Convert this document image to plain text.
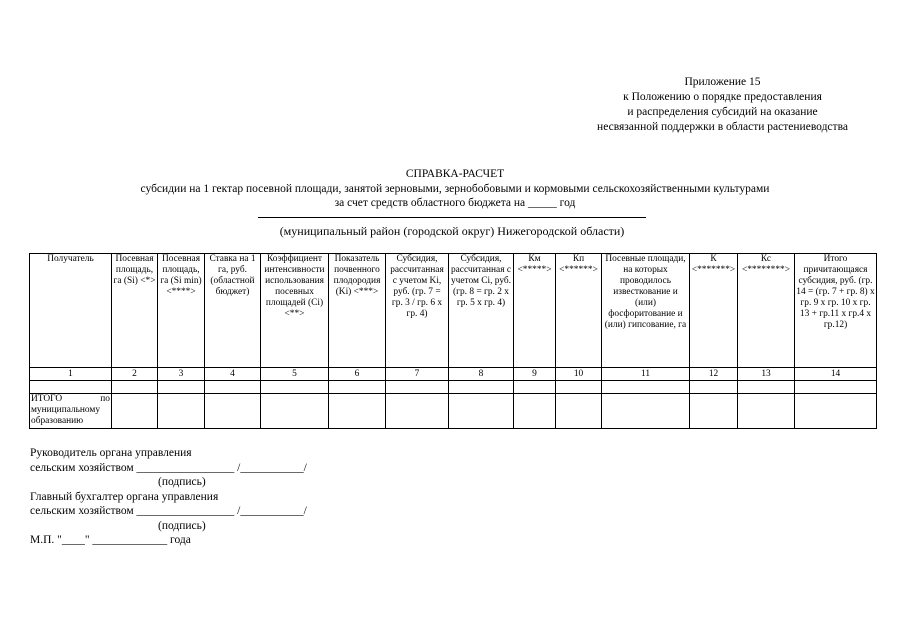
Приложение 15
к Положению о порядке предоставления
и распределения субсидий на оказание
несвязанной поддержки в области растениеводства
СПРАВКА-РАСЧЕТ
субсидии на 1 гектар посевной площади, занятой зерновыми, зернобобовыми и кормовыми сельскохозяйственными культурами
за счет средств областного бюджета на _____ год
(муниципальный район (городской округ) Нижегородской области)
Получатель	Посевная площадь, га (Si) <*>	Посевная площадь, га (Si min) <****>	Ставка на 1 га, руб. (областной бюджет)	Коэффициент интенсивности использования посевных площадей (Ci) <**>	Показатель почвенного плодородия (Ki) <***>	Субсидия, рассчитанная с учетом Ki, руб. (гр. 7 = гр. 3 / гр. 6 x гр. 4)	Субсидия, рассчитанная с учетом Ci, руб. (гр. 8 = гр. 2 x гр. 5 x гр. 4)	Км <*****>	Кп <******>	Посевные площади, на которых проводилось известкование и (или) фосфоритование и (или) гипсование, га	К <*******>	Кс <********>	Итого причитающаяся субсидия, руб. (гр. 14 = (гр. 7 + гр. 8) x гр. 9 x гр. 10 x гр. 13 + гр.11 x гр.4 x гр.12)
1	2	3	4	5	6	7	8	9	10	11	12	13	14

ИТОГО по муниципальному образованию													
Руководитель органа управления
сельским хозяйством _________________ /___________/
(подпись)
Главный бухгалтер органа управления
сельским хозяйством _________________ /___________/
(подпись)
М.П. "____" _____________ года
